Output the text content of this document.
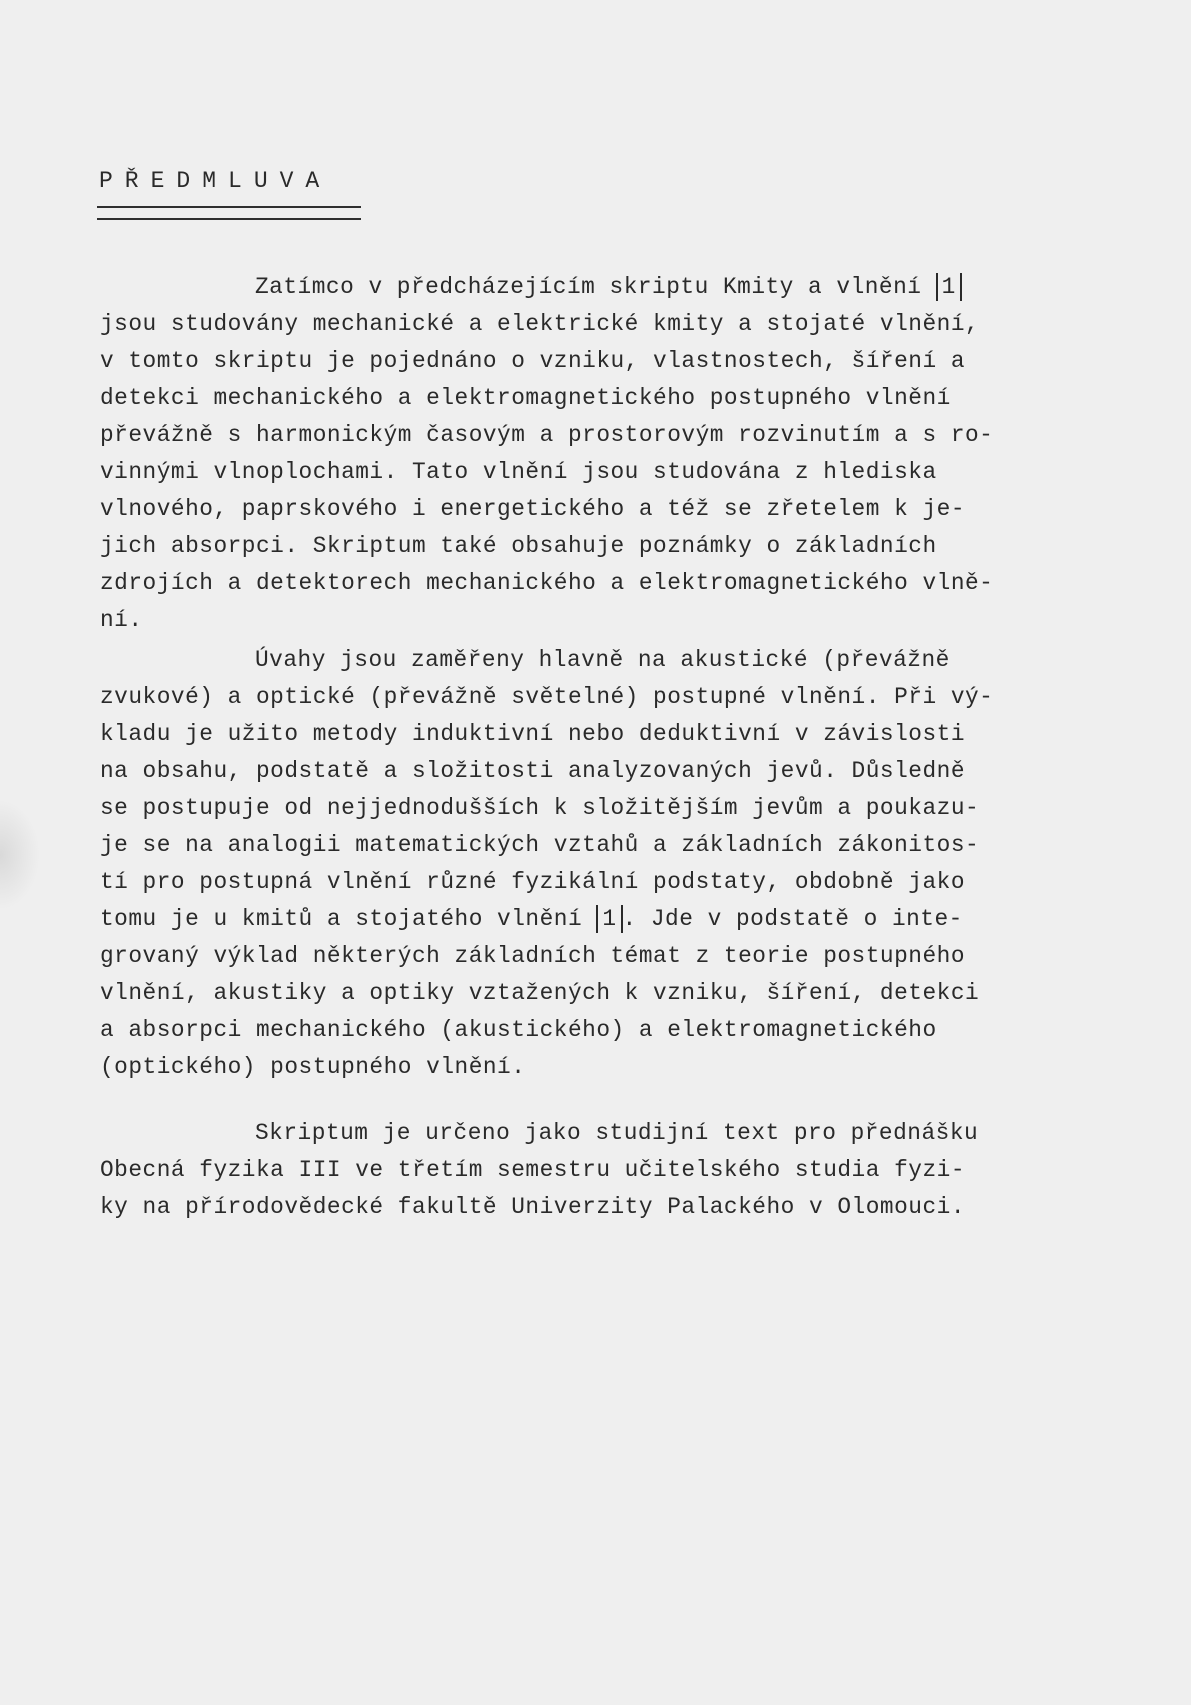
PŘEDMLUVA
Zatímco v předcházejícím skriptu Kmity a vlnění 1
jsou studovány mechanické a elektrické kmity a stojaté vlnění,
v tomto skriptu je pojednáno o vzniku, vlastnostech, šíření a
detekci mechanického a elektromagnetického postupného vlnění
převážně s harmonickým časovým a prostorovým rozvinutím a s ro-
vinnými vlnoplochami. Tato vlnění jsou studována z hlediska
vlnového, paprskového i energetického a též se zřetelem k je-
jich absorpci. Skriptum také obsahuje poznámky o základních
zdrojích a detektorech mechanického a elektromagnetického vlně-
ní.
Úvahy jsou zaměřeny hlavně na akustické (převážně
zvukové) a optické (převážně světelné) postupné vlnění. Při vý-
kladu je užito metody induktivní nebo deduktivní v závislosti
na obsahu, podstatě a složitosti analyzovaných jevů. Důsledně
se postupuje od nejjednodušších k složitějším jevům a poukazu-
je se na analogii matematických vztahů a základních zákonitos-
tí pro postupná vlnění různé fyzikální podstaty, obdobně jako
tomu je u kmitů a stojatého vlnění 1 . Jde v podstatě o inte-
grovaný výklad některých základních témat z teorie postupného
vlnění, akustiky a optiky vztažených k vzniku, šíření, detekci
a absorpci mechanického (akustického) a elektromagnetického
(optického) postupného vlnění.
Skriptum je určeno jako studijní text pro přednášku
Obecná fyzika III ve třetím semestru učitelského studia fyzi-
ky na přírodovědecké fakultě Univerzity Palackého v Olomouci.
